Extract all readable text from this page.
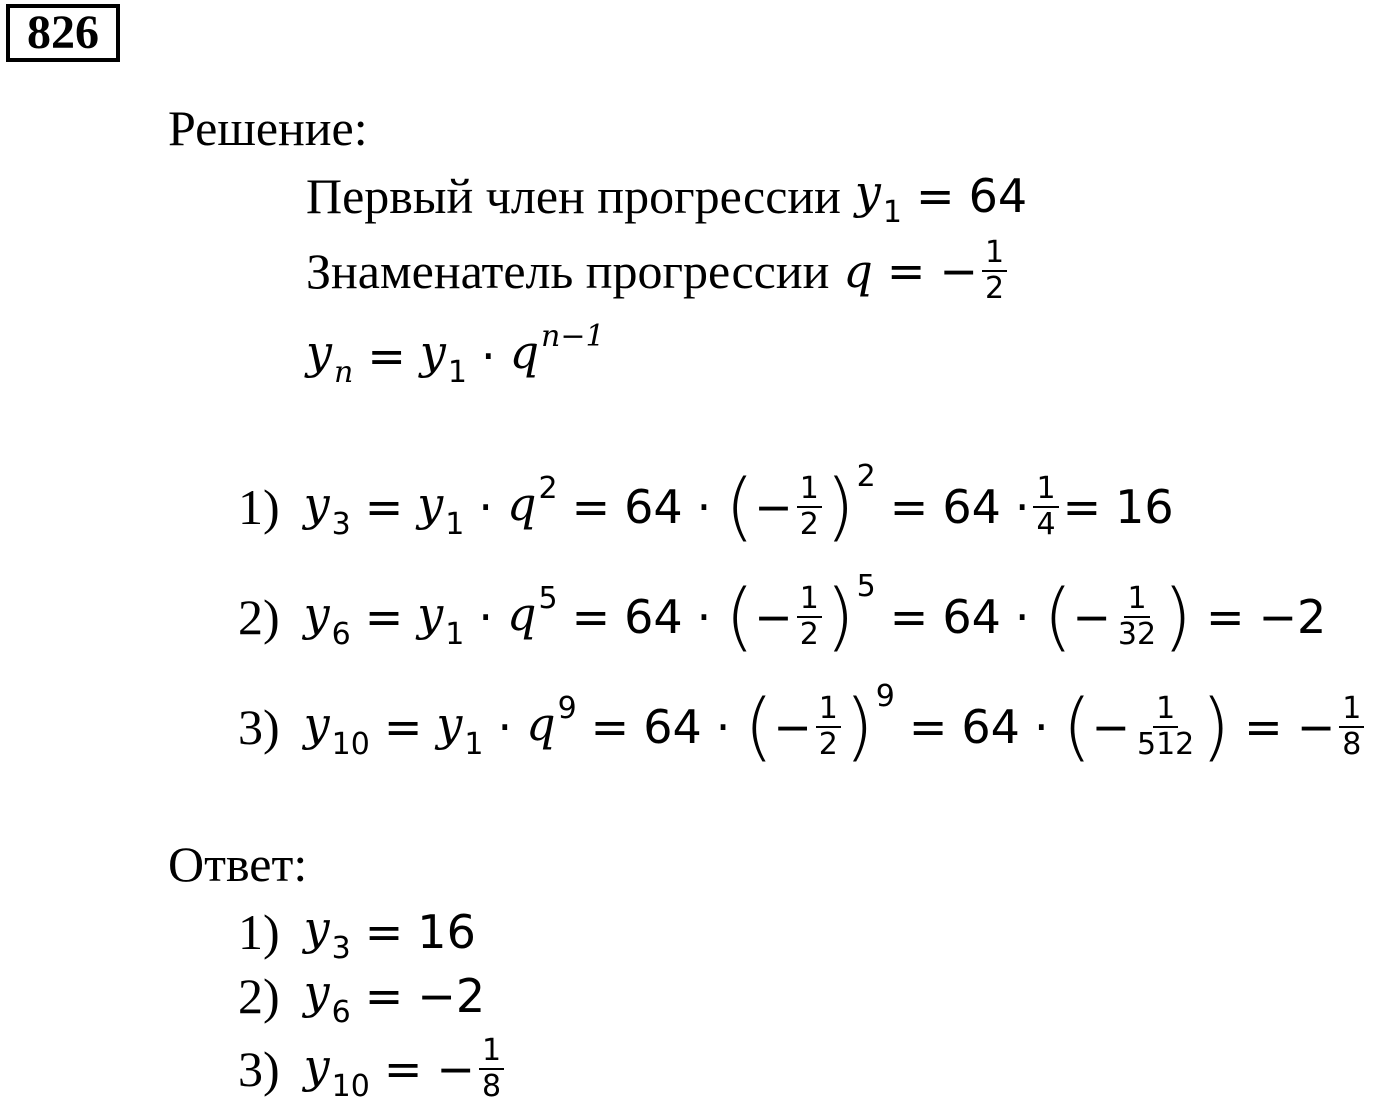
826
Решение:
Первый член прогрессии $y_1 = 64$
Знаменатель прогрессии q = − $\frac{1}{2}$
$y_n = y_1 \cdot q^{n-1}$
1) $y_3 = y_1 \cdot q^2 = 64$ · ( − $\frac{1}{2}$ ) $^2$
= $64 \cdot \frac{1}{4} = 16$
2) $y_6 = y_1 \cdot q^5 = 64$ · ( − $\frac{1}{2}$ ) $^5$
= 64 · ( − $\frac{1}{32}$ ) = −2
3) $y_{10} = y_1 \cdot q^9 = 64$ · ( − $\frac{1}{2}$ ) $^9$
= 64 · ( − $\frac{1}{512}$ ) = − $\frac{1}{8}$
Ответ:
1) $y_3 = 16$
2) $y_6 = -2$
3) $y_{10}$ = − $\frac{1}{8}$
